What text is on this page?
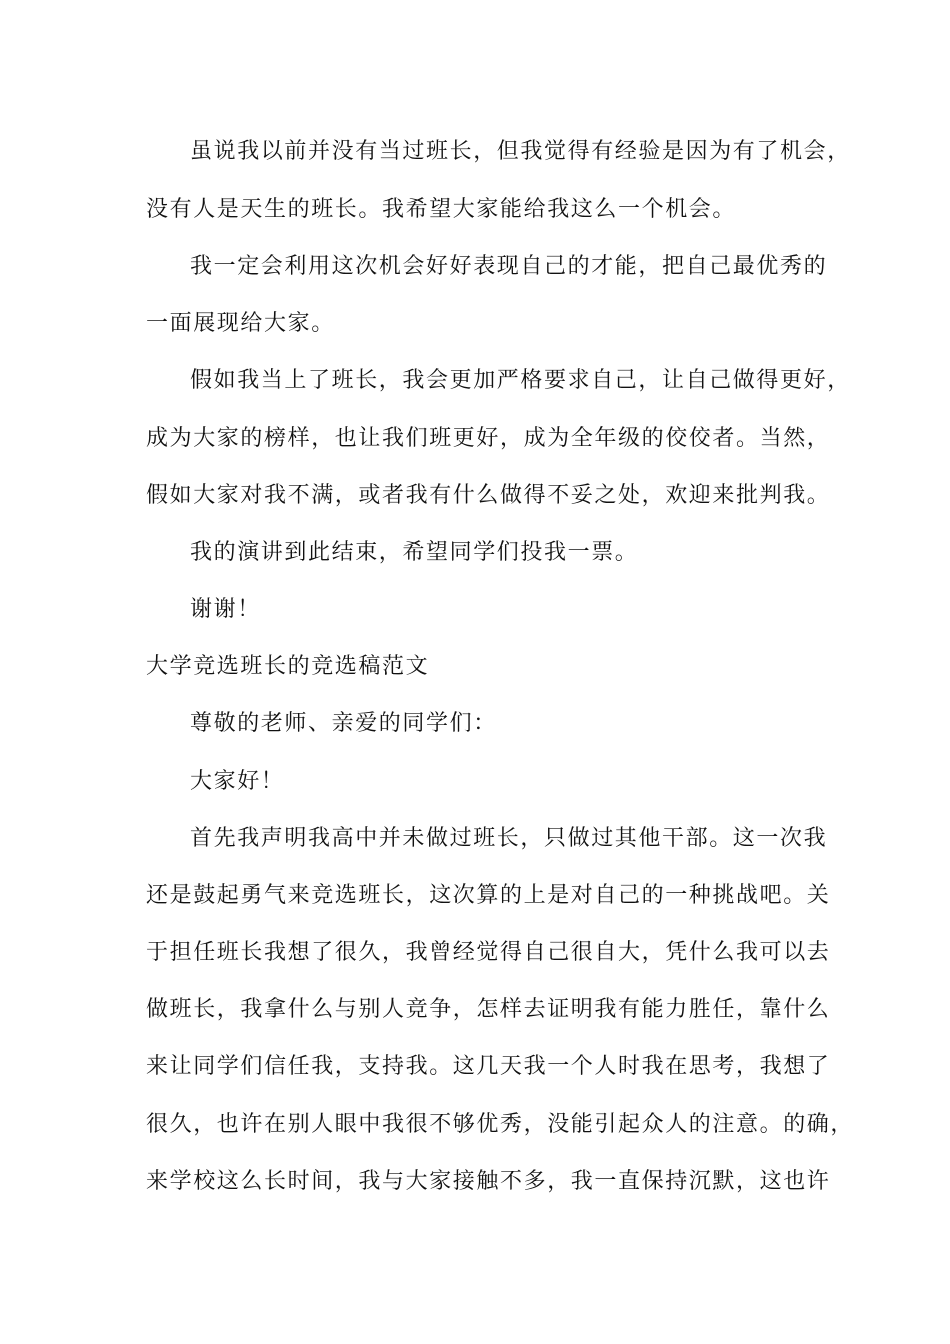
虽说我以前并没有当过班长，但我觉得有经验是因为有了机会，
没有人是天生的班长。我希望大家能给我这么一个机会。
我一定会利用这次机会好好表现自己的才能，把自己最优秀的
一面展现给大家。
假如我当上了班长，我会更加严格要求自己，让自己做得更好，
成为大家的榜样，也让我们班更好，成为全年级的佼佼者。当然，
假如大家对我不满，或者我有什么做得不妥之处，欢迎来批判我。
我的演讲到此结束，希望同学们投我一票。
谢谢！
大学竞选班长的竞选稿范文
尊敬的老师、亲爱的同学们：
大家好！
首先我声明我高中并未做过班长，只做过其他干部。这一次我
还是鼓起勇气来竞选班长，这次算的上是对自己的一种挑战吧。关
于担任班长我想了很久，我曾经觉得自己很自大，凭什么我可以去
做班长，我拿什么与别人竞争，怎样去证明我有能力胜任，靠什么
来让同学们信任我，支持我。这几天我一个人时我在思考，我想了
很久，也许在别人眼中我很不够优秀，没能引起众人的注意。的确，
来学校这么长时间，我与大家接触不多，我一直保持沉默，这也许
